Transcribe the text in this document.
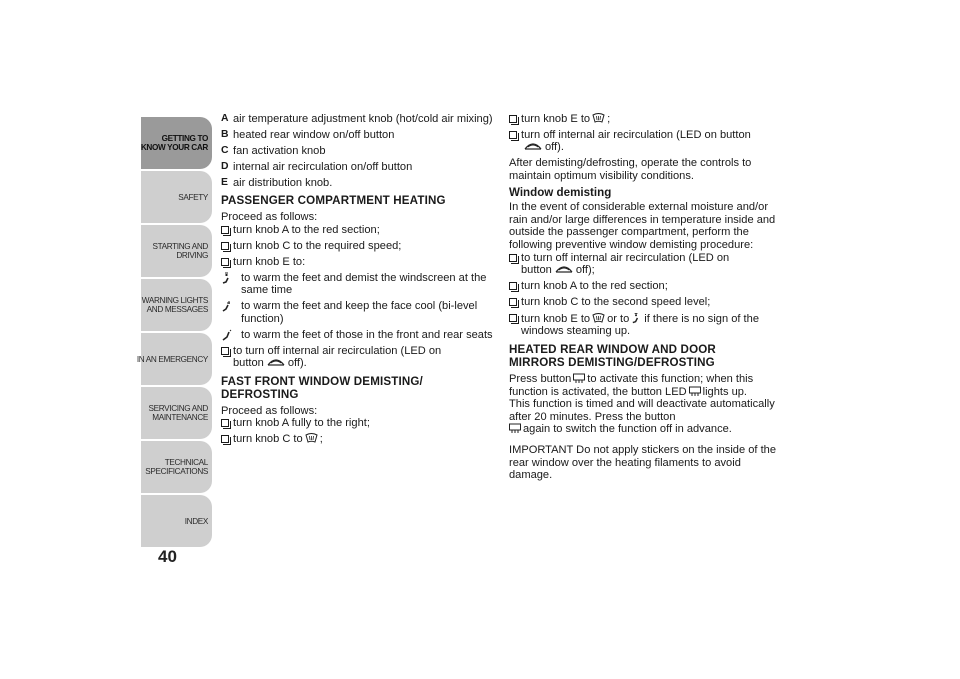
GETTING TO
KNOW YOUR CAR
SAFETY
STARTING AND
DRIVING
WARNING LIGHTS
AND MESSAGES
IN AN EMERGENCY
SERVICING AND
MAINTENANCE
TECHNICAL
SPECIFICATIONS
INDEX
40
A air temperature adjustment knob (hot/cold air mixing)
B heated rear window on/off button
C fan activation knob
D internal air recirculation on/off button
E air distribution knob.
PASSENGER COMPARTMENT HEATING

Proceed as follows:

turn knob A to the red section;
turn knob C to the required speed;
turn knob E to:
to warm the feet and demist the windscreen at the same time
to warm the feet and keep the face cool (bi-level function)
to warm the feet of those in the front and rear seats
to turn off internal air recirculation (LED on
button off).
FAST FRONT WINDOW DEMISTING/
DEFROSTING

Proceed as follows:

turn knob A fully to the right;
turn knob C to ;
turn knob E to ;
turn off internal air recirculation (LED on button
off).

After demisting/defrosting, operate the controls to maintain optimum visibility conditions.

Window demisting

In the event of considerable external moisture and/or rain and/or large differences in temperature inside and outside the passenger compartment, perform the following preventive window demisting procedure:

to turn off internal air recirculation (LED on
button off);
turn knob A to the red section;
turn knob C to the second speed level;
turn knob E to or to if there is no sign of the windows steaming up.
HEATED REAR WINDOW AND DOOR
MIRRORS DEMISTING/DEFROSTING

Press button to activate this function; when this function is activated, the button LED lights up.

This function is timed and will deactivate automatically after 20 minutes. Press the button
again to switch the function off in advance.

IMPORTANT Do not apply stickers on the inside of the rear window over the heating filaments to avoid damage.
